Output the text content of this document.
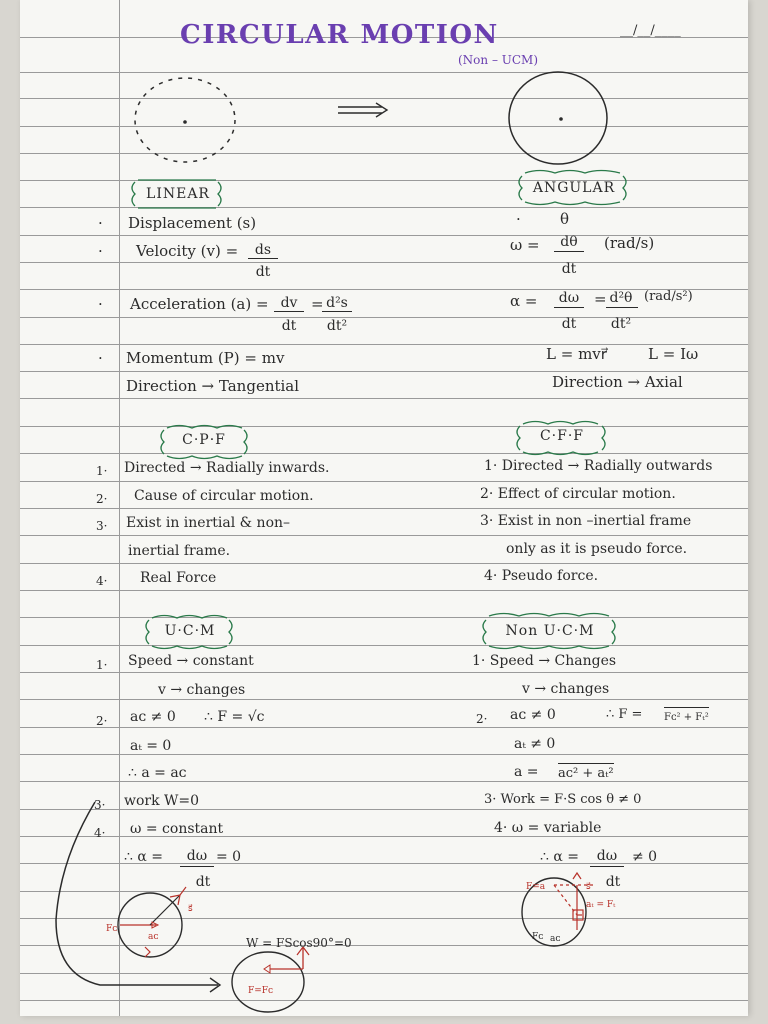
CIRCULAR MOTION
(Non – UCM)
__/__/____
LINEAR
· Displacement (s)
· Velocity (v) =	ds
dt
· Acceleration (a) = dv
dt
= d²s
dt²
· Momentum (P) = mv
Direction → Tangential
ANGULAR
·	θ
ω =	dθ
dt
(rad/s)
α =	dω
dt
= d²θ
dt²
(rad/s²)
L = mvr⃗	L = Iω
Direction → Axial
C·P·F
1· Directed → Radially inwards.
2· Cause of circular motion.
3· Exist in inertial & non–
inertial frame.
4· Real Force
C·F·F
1· Directed → Radially outwards
2· Effect of circular motion.
3· Exist in non –inertial frame
only as it is pseudo force.
4· Pseudo force.
U·C·M
1· Speed → constant
v → changes
2· aᴄ ≠ 0 ∴ F = √c
aₜ = 0
∴ a = aᴄ
3· work W=0
4· ω = constant
∴ α =	dω
dt
= 0
W = FScos90°=0
F=Fᴄ
Fᴄ
aᴄ
s⃗
Non U·C·M
1· Speed → Changes
v → changes
2· aᴄ ≠ 0	∴ F = Fᴄ² + Fₜ²
aₜ ≠ 0
a = aᴄ² + aₜ²
3· Work = F·S cos θ ≠ 0
4· ω = variable
∴ α =	dω
dt
≠ 0
F=a	s⃗
aₜ = Fₜ
Fᴄ aᴄ
